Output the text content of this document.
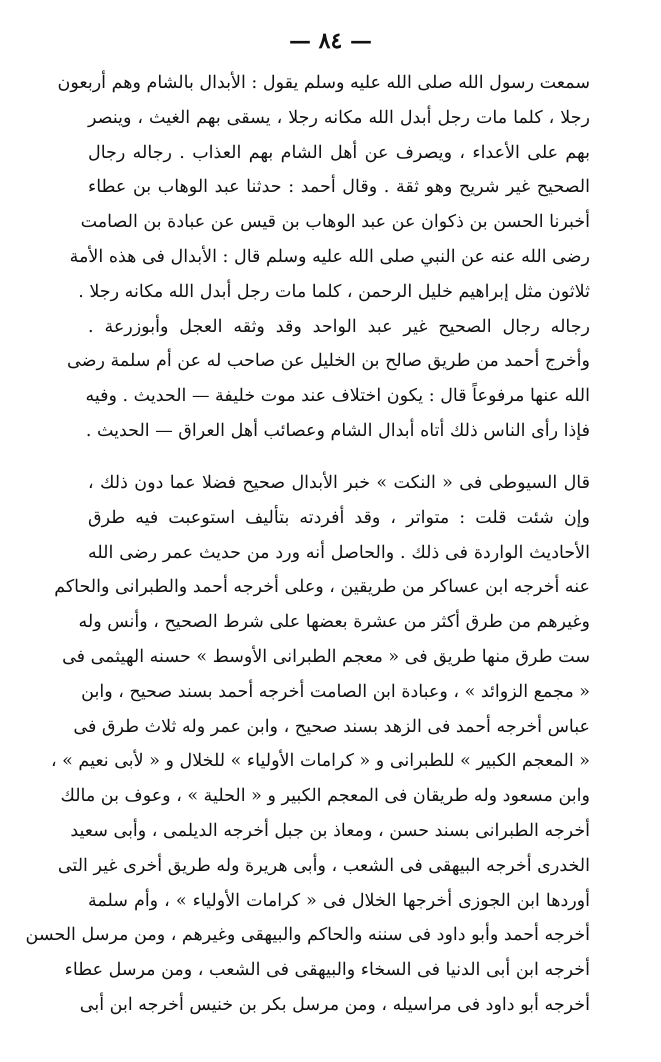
— ٨٤ —
سمعت رسول الله صلى الله عليه وسلم يقول : الأبدال بالشام وهم أربعون
رجلا ، كلما مات رجل أبدل الله مكانه رجلا ، يسقى بهم الغيث ، وينصر
بهم على الأعداء ، ويصرف عن أهل الشام بهم العذاب . رجاله رجال
الصحيح غير شريح وهو ثقة . وقال أحمد : حدثنا عبد الوهاب بن عطاء
أخبرنا الحسن بن ذكوان عن عبد الوهاب بن قيس عن عبادة بن الصامت
رضى الله عنه عن النبي صلى الله عليه وسلم قال : الأبدال فى هذه الأمة
ثلاثون مثل إبراهيم خليل الرحمن ، كلما مات رجل أبدل الله مكانه رجلا .
رجاله رجال الصحيح غير عبد الواحد وقد وثقه العجل وأبوزرعة .
وأخرج أحمد من طريق صالح بن الخليل عن صاحب له عن أم سلمة رضى
الله عنها مرفوعاً قال : يكون اختلاف عند موت خليفة — الحديث . وفيه
فإذا رأى الناس ذلك أتاه أبدال الشام وعصائب أهل العراق — الحديث .
قال السيوطى فى « النكت » خبر الأبدال صحيح فضلا عما دون ذلك ،
وإن شئت قلت : متواتر ، وقد أفردته بتأليف استوعبت فيه طرق
الأحاديث الواردة فى ذلك . والحاصل أنه ورد من حديث عمر رضى الله
عنه أخرجه ابن عساكر من طريقين ، وعلى أخرجه أحمد والطبرانى والحاكم
وغيرهم من طرق أكثر من عشرة بعضها على شرط الصحيح ، وأنس وله
ست طرق منها طريق فى « معجم الطبرانى الأوسط » حسنه الهيثمى فى
« مجمع الزوائد » ، وعبادة ابن الصامت أخرجه أحمد بسند صحيح ، وابن
عباس أخرجه أحمد فى الزهد بسند صحيح ، وابن عمر وله ثلاث طرق فى
« المعجم الكبير » للطبرانى و « كرامات الأولياء » للخلال و « لأبى نعيم » ،
وابن مسعود وله طريقان فى المعجم الكبير و « الحلية » ، وعوف بن مالك
أخرجه الطبرانى بسند حسن ، ومعاذ بن جبل أخرجه الديلمى ، وأبى سعيد
الخدرى أخرجه البيهقى فى الشعب ، وأبى هريرة وله طريق أخرى غير التى
أوردها ابن الجوزى أخرجها الخلال فى « كرامات الأولياء » ، وأم سلمة
أخرجه أحمد وأبو داود فى سننه والحاكم والبيهقى وغيرهم ، ومن مرسل الحسن
أخرجه ابن أبى الدنيا فى السخاء والبيهقى فى الشعب ، ومن مرسل عطاء
أخرجه أبو داود فى مراسيله ، ومن مرسل بكر بن خنيس أخرجه ابن أبى
